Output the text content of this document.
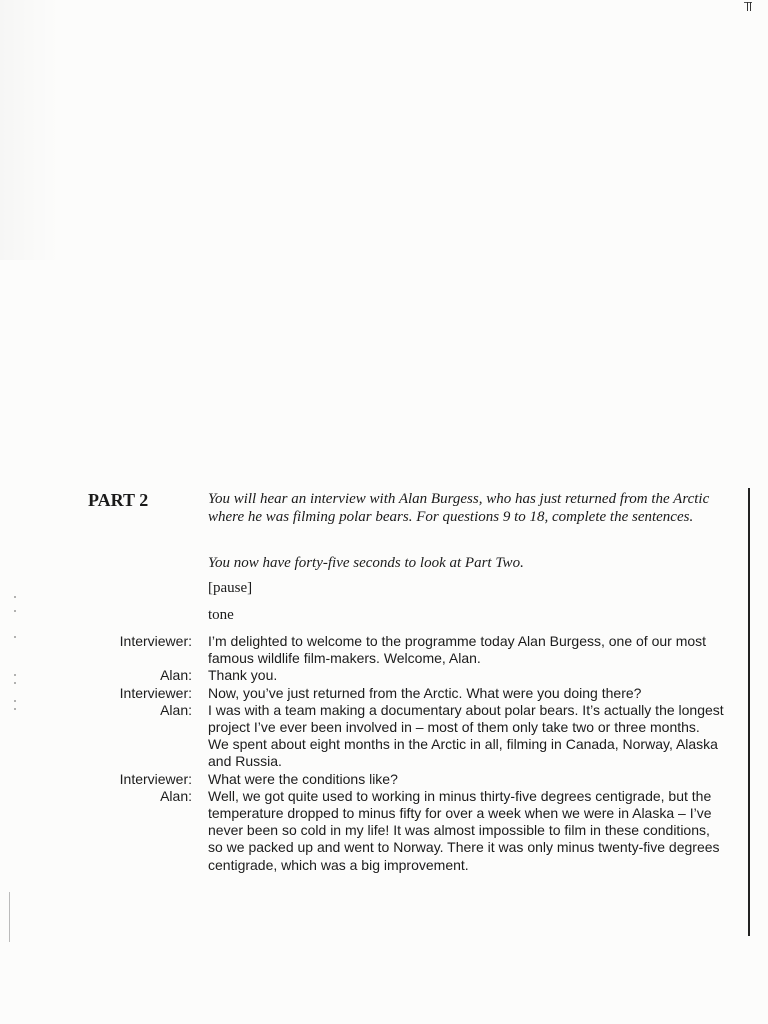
PART 2	You will hear an interview with Alan Burgess, who has just returned from the Arctic where he was filming polar bears. For questions 9 to 18, complete the sentences.

You now have forty-five seconds to look at Part Two.

[pause]

tone

Interviewer: I’m delighted to welcome to the programme today Alan Burgess, one of our most famous wildlife film-makers. Welcome, Alan.
Alan: Thank you.
Interviewer: Now, you’ve just returned from the Arctic. What were you doing there?
Alan: I was with a team making a documentary about polar bears. It’s actually the longest project I’ve ever been involved in – most of them only take two or three months. We spent about eight months in the Arctic in all, filming in Canada, Norway, Alaska and Russia.
Interviewer: What were the conditions like?
Alan: Well, we got quite used to working in minus thirty-five degrees centigrade, but the temperature dropped to minus fifty for over a week when we were in Alaska – I’ve never been so cold in my life! It was almost impossible to film in these conditions, so we packed up and went to Norway. There it was only minus twenty-five degrees centigrade, which was a big improvement.
